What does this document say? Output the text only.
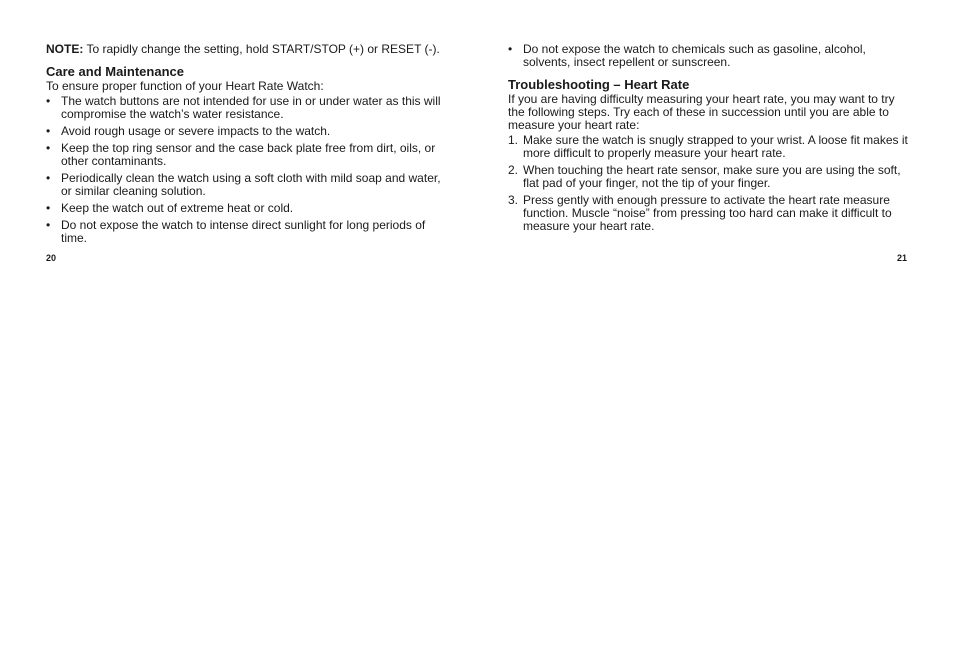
NOTE: To rapidly change the setting, hold START/STOP (+) or RESET (-).

Care and Maintenance

To ensure proper function of your Heart Rate Watch:

• The watch buttons are not intended for use in or under water as this will compromise the watch’s water resistance.
• Avoid rough usage or severe impacts to the watch.
• Keep the top ring sensor and the case back plate free from dirt, oils, or other contaminants.
• Periodically clean the watch using a soft cloth with mild soap and water, or similar cleaning solution.
• Keep the watch out of extreme heat or cold.
• Do not expose the watch to intense direct sunlight for long periods of time.
20
• Do not expose the watch to chemicals such as gasoline, alcohol, solvents, insect repellent or sunscreen.
Troubleshooting – Heart Rate

If you are having difficulty measuring your heart rate, you may want to try the following steps. Try each of these in succession until you are able to measure your heart rate:

1. Make sure the watch is snugly strapped to your wrist. A loose fit makes it more difficult to properly measure your heart rate.
2. When touching the heart rate sensor, make sure you are using the soft, flat pad of your finger, not the tip of your finger.
3. Press gently with enough pressure to activate the heart rate measure function. Muscle “noise” from pressing too hard can make it difficult to measure your heart rate.
21
